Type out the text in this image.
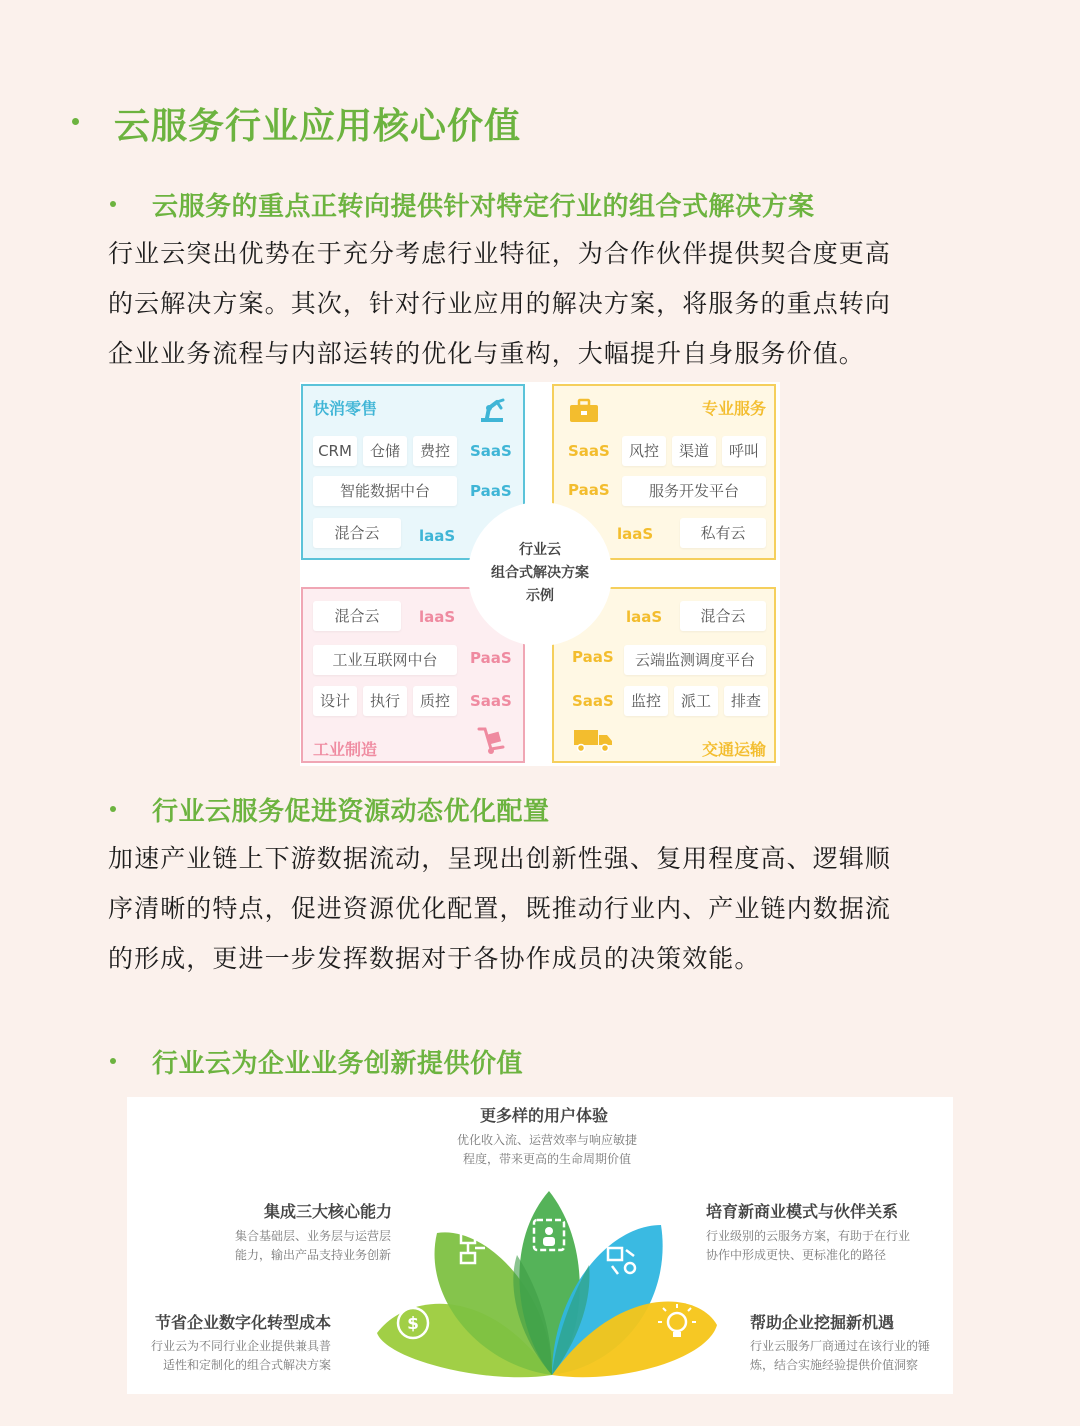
云服务行业应用核心价值
云服务的重点正转向提供针对特定行业的组合式解决方案
行业云突出优势在于充分考虑行业特征，为合作伙伴提供契合度更高
的云解决方案。其次，针对行业应用的解决方案，将服务的重点转向
企业业务流程与内部运转的优化与重构，大幅提升自身服务价值。
快消零售
CRM	仓储	费控	SaaS
智能数据中台	PaaS
混合云	laaS
专业服务
SaaS	风控	渠道	呼叫
PaaS	服务开发平台
laaS	私有云
混合云	laaS
工业互联网中台	PaaS
设计	执行	质控	SaaS
工业制造
laaS	混合云
PaaS	云端监测调度平台
SaaS	监控	派工	排查
交通运输
行业云
组合式解决方案
示例
行业云服务促进资源动态优化配置
加速产业链上下游数据流动，呈现出创新性强、复用程度高、逻辑顺
序清晰的特点，促进资源优化配置，既推动行业内、产业链内数据流
的形成，更进一步发挥数据对于各协作成员的决策效能。
行业云为企业业务创新提供价值
更多样的用户体验
优化收入流、运营效率与响应敏捷
程度，带来更高的生命周期价值
集成三大核心能力
集合基础层、业务层与运营层
能力，输出产品支持业务创新
节省企业数字化转型成本
行业云为不同行业企业提供兼具普
适性和定制化的组合式解决方案
培育新商业模式与伙伴关系
行业级别的云服务方案，有助于在行业
协作中形成更快、更标准化的路径
帮助企业挖掘新机遇
行业云服务厂商通过在该行业的锤
炼，结合实施经验提供价值洞察
$
